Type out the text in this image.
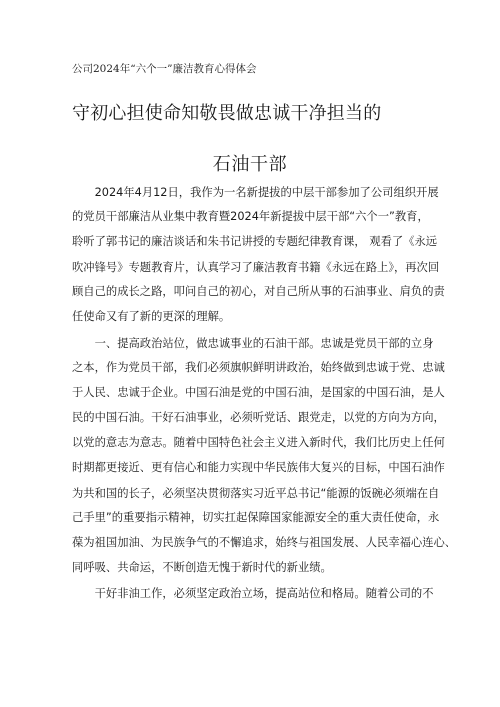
公司2024年“六个一”廉洁教育心得体会
守初心担使命知敬畏做忠诚干净担当的
石油干部
　　2024年4月12日，我作为一名新提拔的中层干部参加了公司组织开展
的党员干部廉洁从业集中教育暨2024年新提拔中层干部“六个一”教育，
聆听了郭书记的廉洁谈话和朱书记讲授的专题纪律教育课， 观看了《永远
吹冲锋号》专题教育片，认真学习了廉洁教育书籍《永远在路上》，再次回
顾自己的成长之路，叩问自己的初心，对自己所从事的石油事业、肩负的责
任使命又有了新的更深的理解。
　　一、提高政治站位，做忠诚事业的石油干部。忠诚是党员干部的立身
之本，作为党员干部，我们必须旗帜鲜明讲政治，始终做到忠诚于党、忠诚
于人民、忠诚于企业。中国石油是党的中国石油，是国家的中国石油，是人
民的中国石油。干好石油事业，必须听党话、跟党走，以党的方向为方向，
以党的意志为意志。随着中国特色社会主义进入新时代，我们比历史上任何
时期都更接近、更有信心和能力实现中华民族伟大复兴的目标，中国石油作
为共和国的长子，必须坚决贯彻落实习近平总书记“能源的饭碗必须端在自
己手里”的重要指示精神，切实扛起保障国家能源安全的重大责任使命，永
葆为祖国加油、为民族争气的不懈追求，始终与祖国发展、人民幸福心连心、
同呼吸、共命运，不断创造无愧于新时代的新业绩。
　　干好非油工作，必须坚定政治立场，提高站位和格局。随着公司的不
